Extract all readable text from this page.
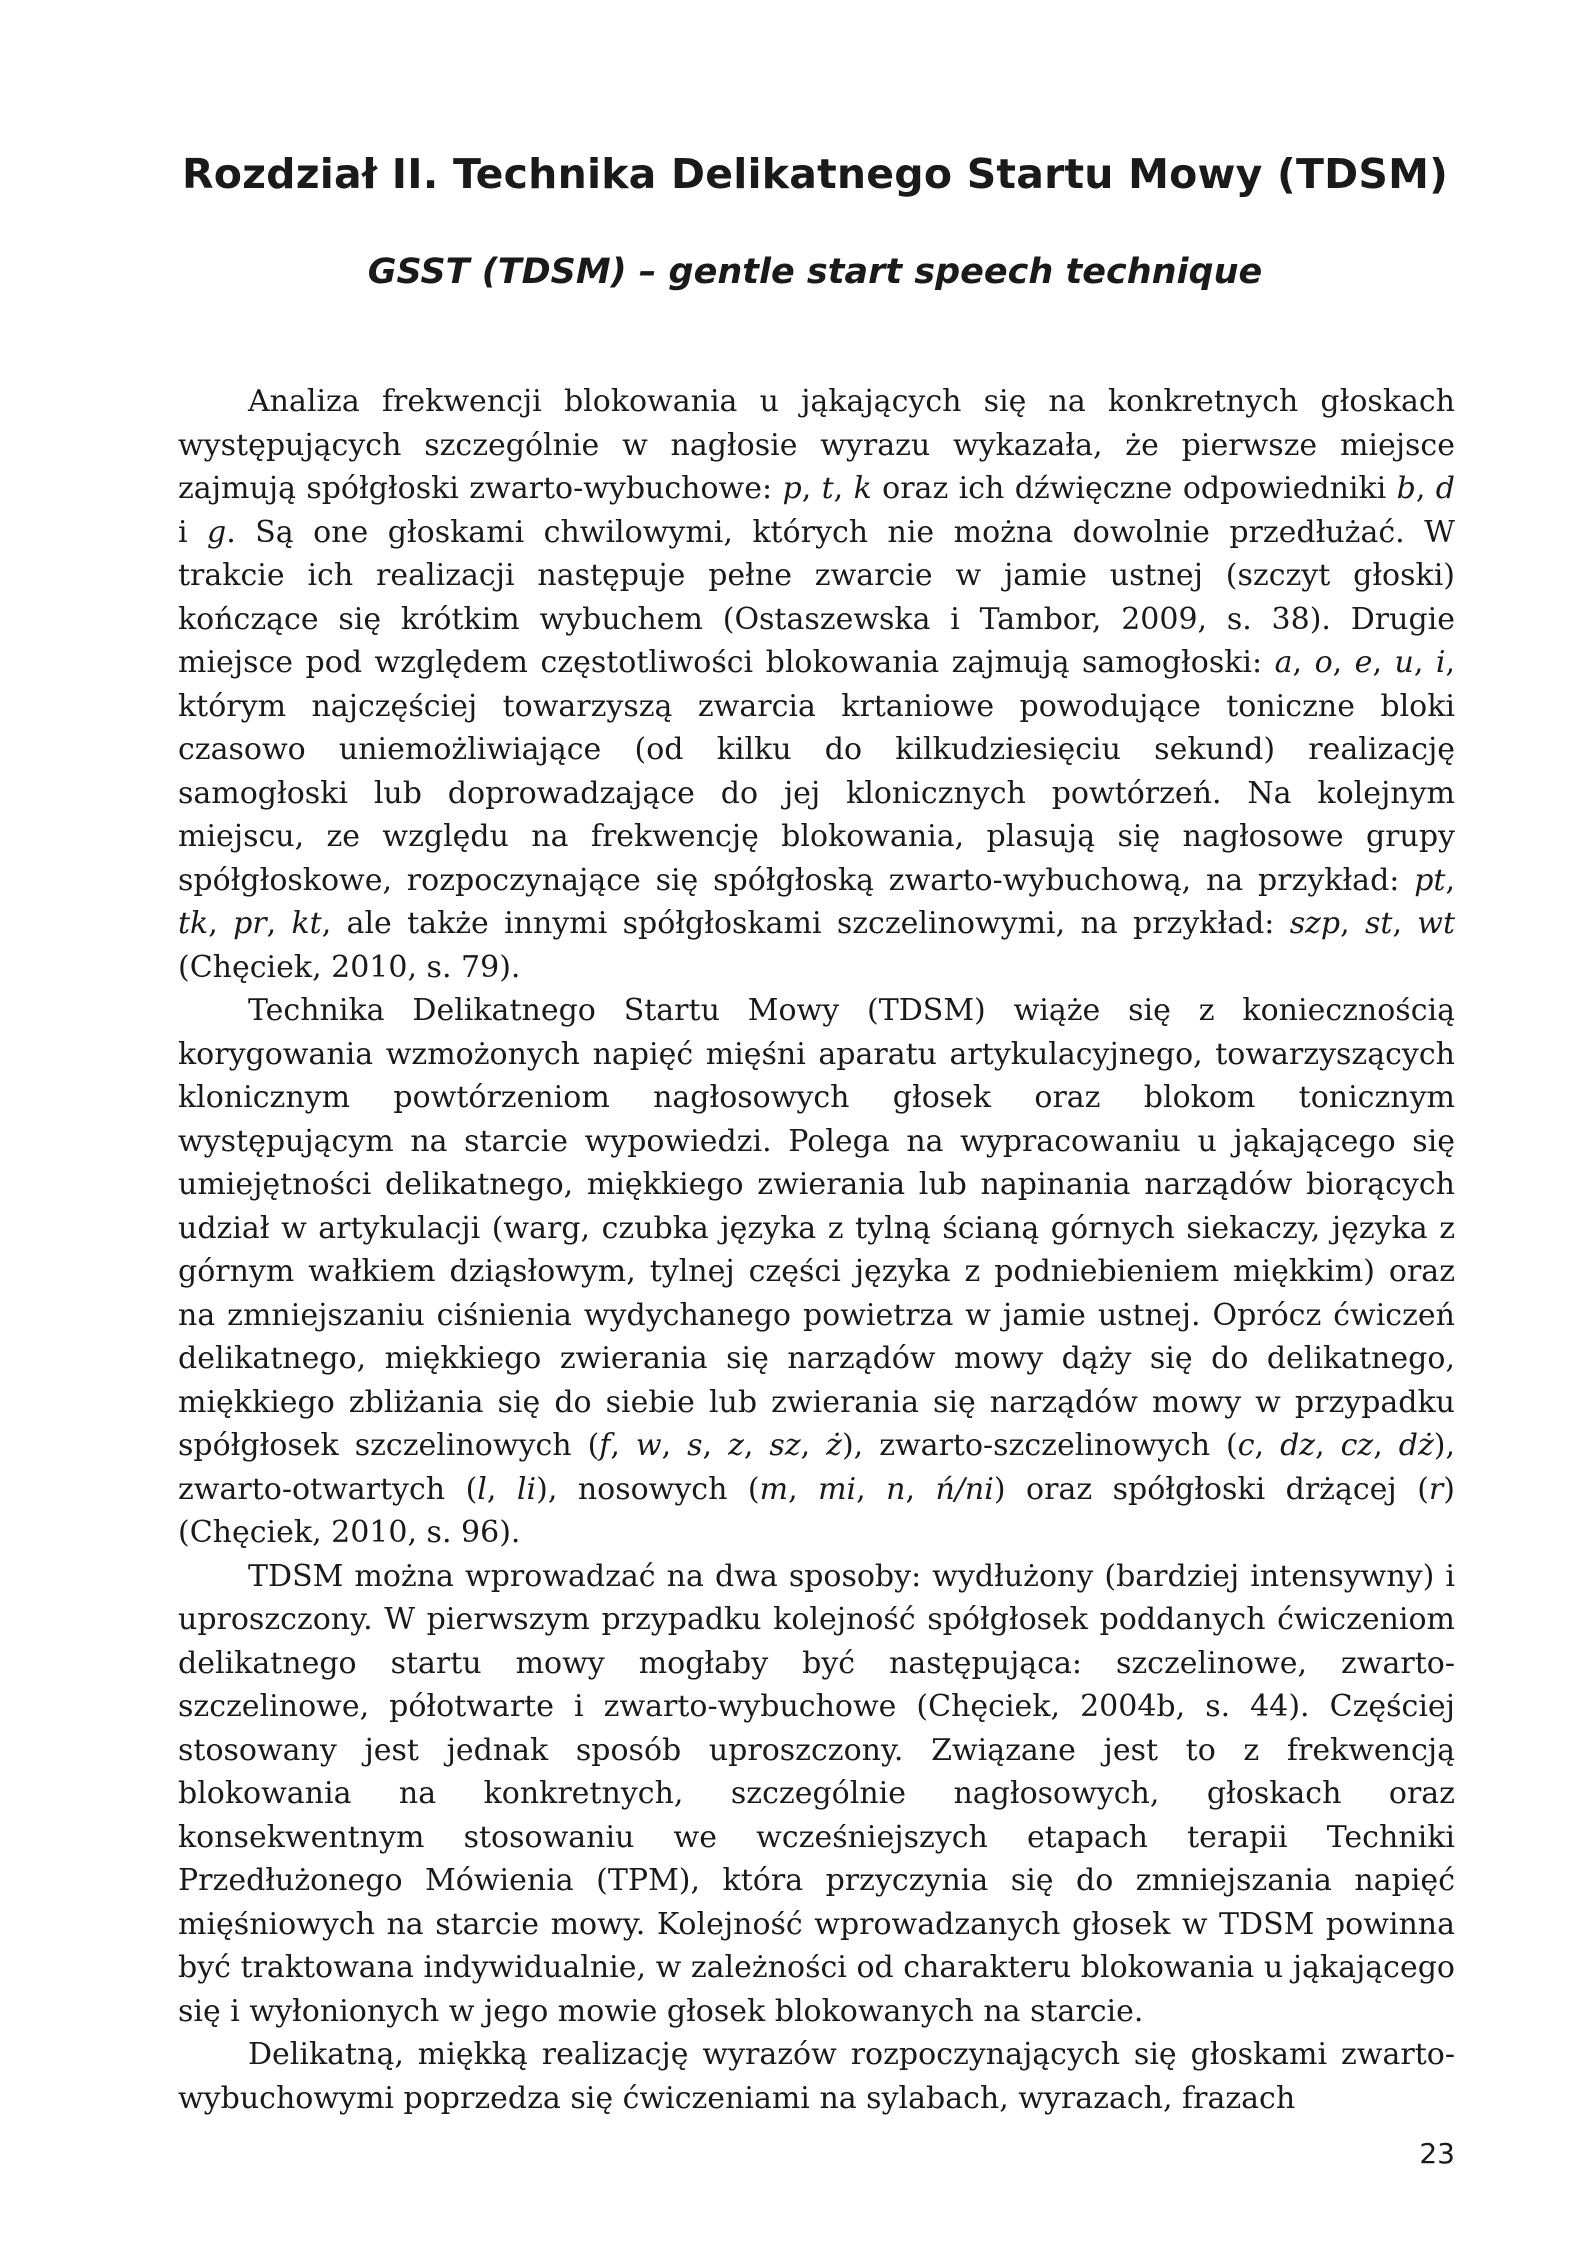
Rozdział II. Technika Delikatnego Startu Mowy (TDSM)
GSST (TDSM) – gentle start speech technique

Analiza frekwencji blokowania u jąkających się na konkretnych głoskach występujących szczególnie w nagłosie wyrazu wykazała, że pierwsze miejsce zajmują spółgłoski zwarto-wybuchowe: p, t, k oraz ich dźwięczne odpowiedniki b, d i g. Są one głoskami chwilowymi, których nie można dowolnie przedłużać. W trakcie ich realizacji następuje pełne zwarcie w jamie ustnej (szczyt głoski) kończące się krótkim wybuchem (Ostaszewska i Tambor, 2009, s. 38). Drugie miejsce pod względem częstotliwości blokowania zajmują samogłoski: a, o, e, u, i, którym najczęściej towarzyszą zwarcia krtaniowe powodujące toniczne bloki czasowo uniemożliwiające (od kilku do kilkudziesięciu sekund) realizację samogłoski lub doprowadzające do jej klonicznych powtórzeń. Na kolejnym miejscu, ze względu na frekwencję blokowania, plasują się nagłosowe grupy spółgłoskowe, rozpoczynające się spółgłoską zwarto-wybuchową, na przykład: pt, tk, pr, kt, ale także innymi spółgłoskami szczelinowymi, na przykład: szp, st, wt (Chęciek, 2010, s. 79).

Technika Delikatnego Startu Mowy (TDSM) wiąże się z koniecznością korygowania wzmożonych napięć mięśni aparatu artykulacyjnego, towarzyszących klonicznym powtórzeniom nagłosowych głosek oraz blokom tonicznym występującym na starcie wypowiedzi. Polega na wypracowaniu u jąkającego się umiejętności delikatnego, miękkiego zwierania lub napinania narządów biorących udział w artykulacji (warg, czubka języka z tylną ścianą górnych siekaczy, języka z górnym wałkiem dziąsłowym, tylnej części języka z podniebieniem miękkim) oraz na zmniejszaniu ciśnienia wydychanego powietrza w jamie ustnej. Oprócz ćwiczeń delikatnego, miękkiego zwierania się narządów mowy dąży się do delikatnego, miękkiego zbliżania się do siebie lub zwierania się narządów mowy w przypadku spółgłosek szczelinowych (f, w, s, z, sz, ż), zwarto-szczelinowych (c, dz, cz, dż), zwarto-otwartych (l, li), nosowych (m, mi, n, ń/ni) oraz spółgłoski drżącej (r) (Chęciek, 2010, s. 96).

TDSM można wprowadzać na dwa sposoby: wydłużony (bardziej intensywny) i uproszczony. W pierwszym przypadku kolejność spółgłosek poddanych ćwiczeniom delikatnego startu mowy mogłaby być następująca: szczelinowe, zwarto-szczelinowe, półotwarte i zwarto-wybuchowe (Chęciek, 2004b, s. 44). Częściej stosowany jest jednak sposób uproszczony. Związane jest to z frekwencją blokowania na konkretnych, szczególnie nagłosowych, głoskach oraz konsekwentnym stosowaniu we wcześniejszych etapach terapii Techniki Przedłużonego Mówienia (TPM), która przyczynia się do zmniejszania napięć mięśniowych na starcie mowy. Kolejność wprowadzanych głosek w TDSM powinna być traktowana indywidualnie, w zależności od charakteru blokowania u jąkającego się i wyłonionych w jego mowie głosek blokowanych na starcie.

Delikatną, miękką realizację wyrazów rozpoczynających się głoskami zwarto-wybuchowymi poprzedza się ćwiczeniami na sylabach, wyrazach, frazach

23
